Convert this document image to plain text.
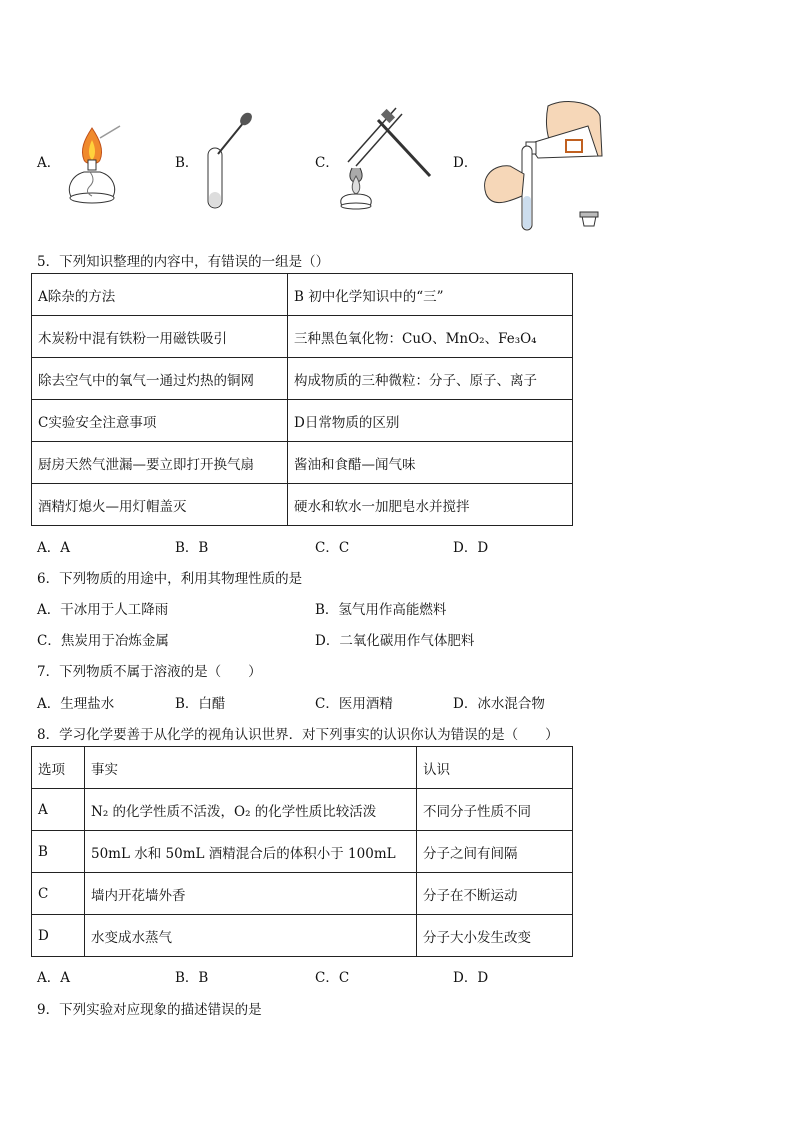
A．	B．	C．	D．
5．下列知识整理的内容中，有错误的一组是（）
A除杂的方法	B 初中化学知识中的“三”
木炭粉中混有铁粉一用磁铁吸引	三种黑色氧化物：CuO、MnO₂、Fe₃O₄
除去空气中的氧气一通过灼热的铜网	构成物质的三种微粒：分子、原子、离子
C实验安全注意事项	D日常物质的区别
厨房天然气泄漏—要立即打开换气扇	酱油和食醋—闻气味
酒精灯熄火—用灯帽盖灭	硬水和软水一加肥皂水并搅拌
A．A	B．B	C．C	D．D
6．下列物质的用途中，利用其物理性质的是
A．干冰用于人工降雨	B．氢气用作高能燃料
C．焦炭用于冶炼金属	D．二氧化碳用作气体肥料
7．下列物质不属于溶液的是（　　）
A．生理盐水	B．白醋	C．医用酒精	D．冰水混合物
8．学习化学要善于从化学的视角认识世界．对下列事实的认识你认为错误的是（　　）
选项	事实	认识
A	N₂ 的化学性质不活泼，O₂ 的化学性质比较活泼	不同分子性质不同
B	50mL 水和 50mL 酒精混合后的体积小于 100mL	分子之间有间隔
C	墙内开花墙外香	分子在不断运动
D	水变成水蒸气	分子大小发生改变
A．A	B．B	C．C	D．D
9．下列实验对应现象的描述错误的是
